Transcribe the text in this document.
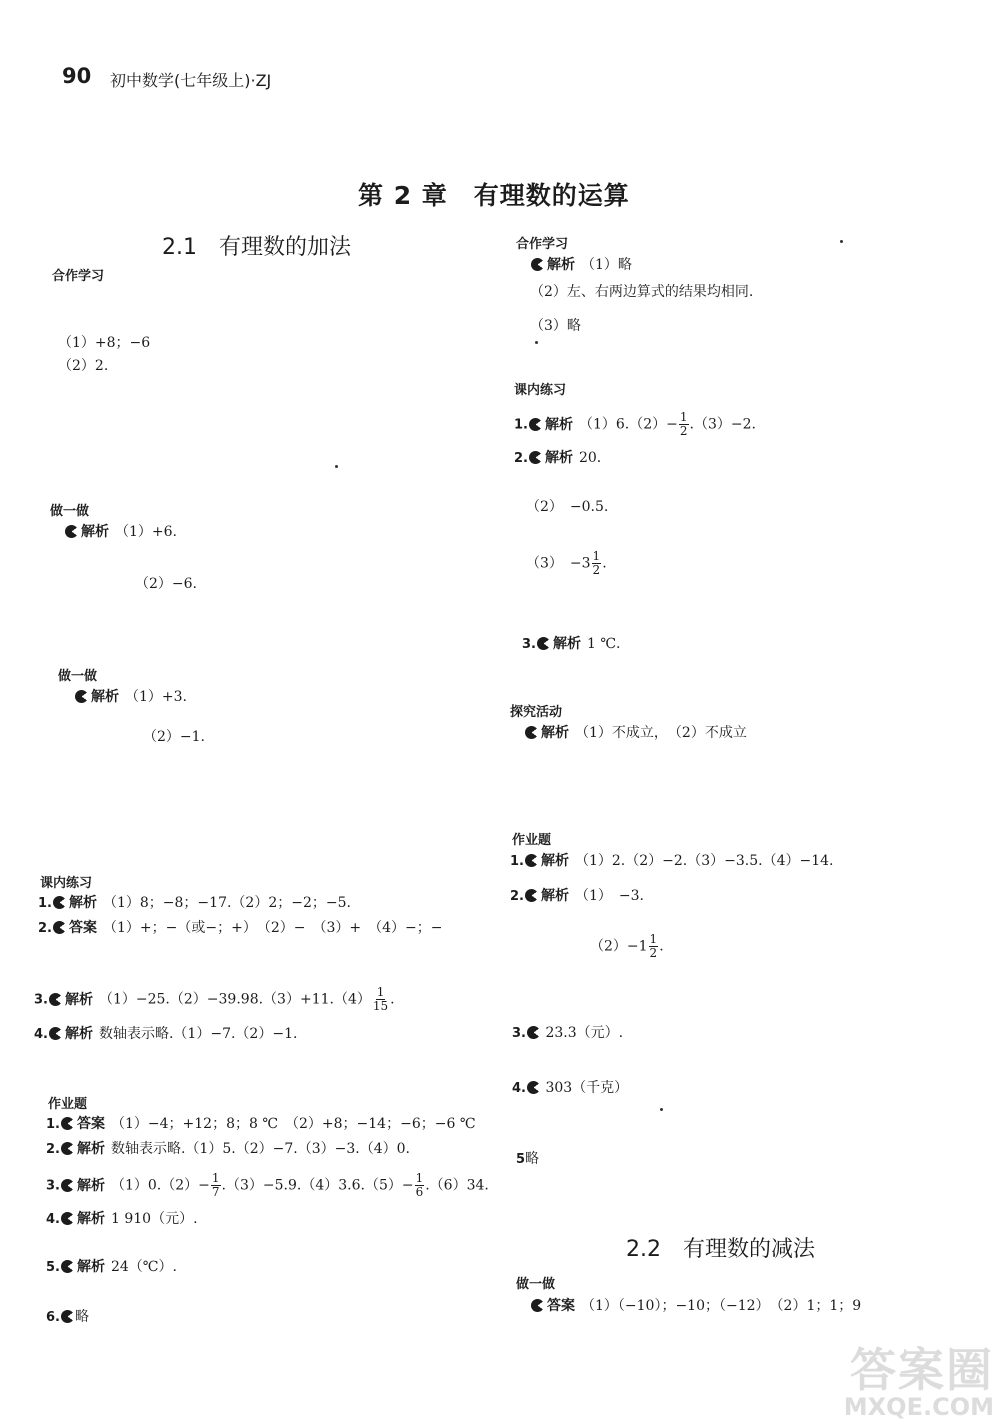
90 初中数学(七年级上)·ZJ
第 2 章　有理数的运算
2.1　有理数的加法
合作学习
（1）+8；−6
（2）2.
做一做
解析 （1）+6.
（2）−6.
做一做
解析 （1）+3.
（2）−1.
课内练习
1. 解析 （1）8；−8；−17.（2）2；−2；−5.
2. 答案 （1）+；−（或−；+）　（2）−　（3）+　（4）−；−
3. 解析 $(1)-25.(2)-39.98.(3)+11.(4) \frac{1}{15}$ .
4. 解析 数轴表示略.（1）−7.（2）−1.
作业题
1. 答案 （1）−4；+12；8；8 ℃　（2）+8；−14；−6；−6 ℃
2. 解析 数轴表示略.（1）5.（2）−7.（3）−3.（4）0.
3. 解析 $(1)0.(2)- \frac{1}{7} .(3)-5.9.(4)3.6.(5)- \frac{1}{6} .(6)34$.
4. 解析 1 910（元）.
5. 解析 24（℃）.
6. 略
合作学习
解析 （1）略
（2）左、右两边算式的结果均相同.
（3）略
课内练习
1. 解析 $(1)6.(2)- \frac{1}{2} .(3)-2$.
2. 解析 20.
（2）　−0.5.
（3）　$-3 \frac{1}{2}$ .
3. 解析 1 ℃.
探究活动
解析 （1）不成立，　（2）不成立
作业题
1. 解析 （1）2.（2）−2.（3）−3.5.（4）−14.
2. 解析 （1）　−3.
$(2)-1 \frac{1}{2}$ .
3. 23.3（元）.
4. 303（千克）
5略
2.2　有理数的减法
做一做
答案 （1）（−10）；−10；（−12）　（2）1；1；9
答案圈
MXQE.COM
